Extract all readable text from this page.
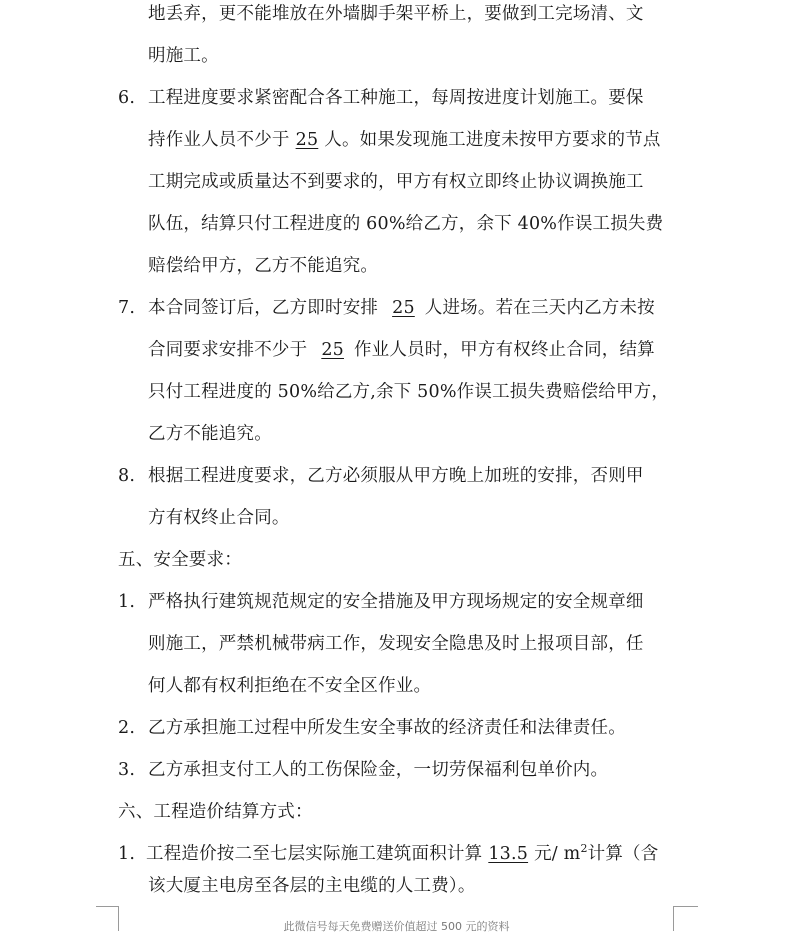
地丢弃，更不能堆放在外墙脚手架平桥上，要做到工完场清、文
明施工。
6. 工程进度要求紧密配合各工种施工，每周按进度计划施工。要保
持作业人员不少于 25 人。如果发现施工进度未按甲方要求的节点
工期完成或质量达不到要求的，甲方有权立即终止协议调换施工
队伍，结算只付工程进度的 60%给乙方，余下 40%作误工损失费
赔偿给甲方，乙方不能追究。
7. 本合同签订后，乙方即时安排 25 人进场。若在三天内乙方未按
合同要求安排不少于 25 作业人员时，甲方有权终止合同，结算
只付工程进度的 50%给乙方,余下 50%作误工损失费赔偿给甲方，
乙方不能追究。
8. 根据工程进度要求，乙方必须服从甲方晚上加班的安排，否则甲
方有权终止合同。
五、安全要求：
1. 严格执行建筑规范规定的安全措施及甲方现场规定的安全规章细
则施工，严禁机械带病工作，发现安全隐患及时上报项目部，任
何人都有权利拒绝在不安全区作业。
2. 乙方承担施工过程中所发生安全事故的经济责任和法律责任。
3. 乙方承担支付工人的工伤保险金，一切劳保福利包单价内。
六、工程造价结算方式：
1. 工程造价按二至七层实际施工建筑面积计算 13.5 元/ $m^2$计算（含
该大厦主电房至各层的主电缆的人工费）。
此微信号每天免费赠送价值超过 500 元的资料
